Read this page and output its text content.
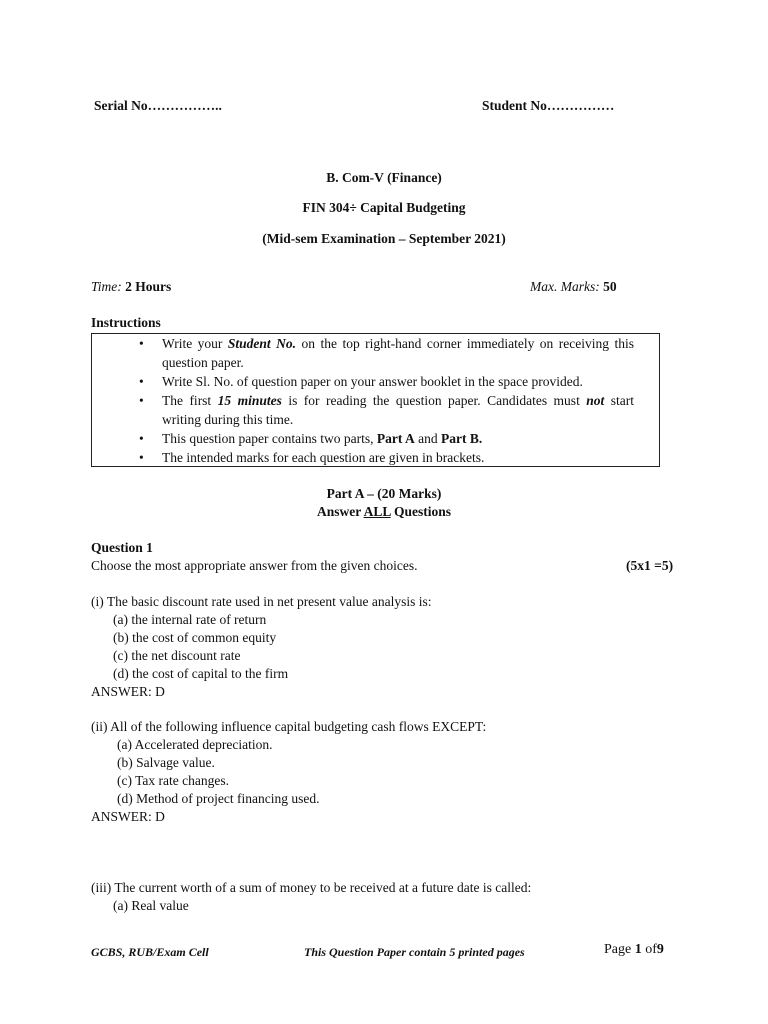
Serial No……………..	Student No……………
B. Com-V (Finance)
FIN 304÷ Capital Budgeting
(Mid-sem Examination – September 2021)
Time: 2 Hours	Max. Marks: 50
Instructions
• Write your Student No. on the top right-hand corner immediately on receiving this question paper.
• Write Sl. No. of question paper on your answer booklet in the space provided.
• The first 15 minutes is for reading the question paper. Candidates must not start writing during this time.
• This question paper contains two parts, Part A and Part B.
• The intended marks for each question are given in brackets.
Part A – (20 Marks)
Answer ALL Questions
Question 1
Choose the most appropriate answer from the given choices.	(5x1 =5)
(i) The basic discount rate used in net present value analysis is:
(a) the internal rate of return
(b) the cost of common equity
(c) the net discount rate
(d) the cost of capital to the firm
ANSWER: D
(ii) All of the following influence capital budgeting cash flows EXCEPT:
(a) Accelerated depreciation.
(b) Salvage value.
(c) Tax rate changes.
(d) Method of project financing used.
ANSWER: D
(iii) The current worth of a sum of money to be received at a future date is called:
(a) Real value
GCBS, RUB/Exam Cell	This Question Paper contain 5 printed pages	Page 1 of9
